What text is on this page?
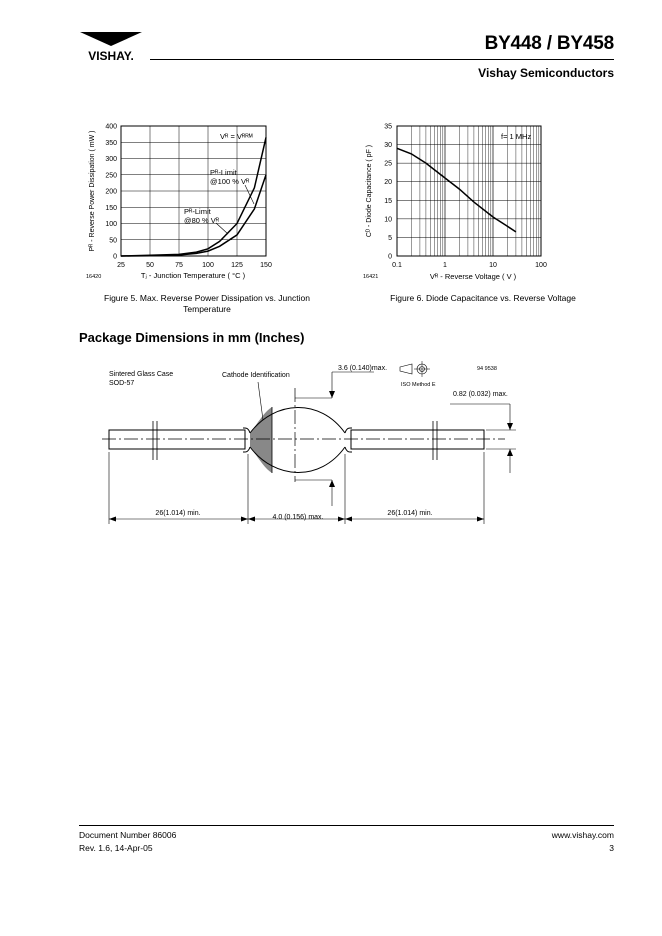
VISHAY.
BY448 / BY458
Vishay Semiconductors
0
50
100
150
200
250
300
350
400
25	50	75	100 125 150
16420	Tⱼ - Junction Temperature ( °C )
Pᴿ - Reverse Power Dissipation ( mW )	Vᴿ = Vᴿᴿᴹ
Pᴿ-Limit
@100 % Vᴿ
Pᴿ-Limit
@80 % Vᴿ
Figure 5. Max. Reverse Power Dissipation vs. Junction
Temperature
0
5
10
15
20
25
30
35
0.1	1	10	100
16421	Vᴿ - Reverse Voltage ( V )
Cᴰ - Diode Capacitance ( pF )
f= 1 MHz
Figure 6. Diode Capacitance vs. Reverse Voltage
Package Dimensions in mm (Inches)
3.6 (0.140)max.
ISO Method E
94 9538
0.82 (0.032) max.
26(1.014) min.
4.0 (0.156) max.
26(1.014) min.
Sintered Glass Case
SOD-57
Cathode Identification
Document Number 86006
Rev. 1.6, 14-Apr-05
www.vishay.com
3
